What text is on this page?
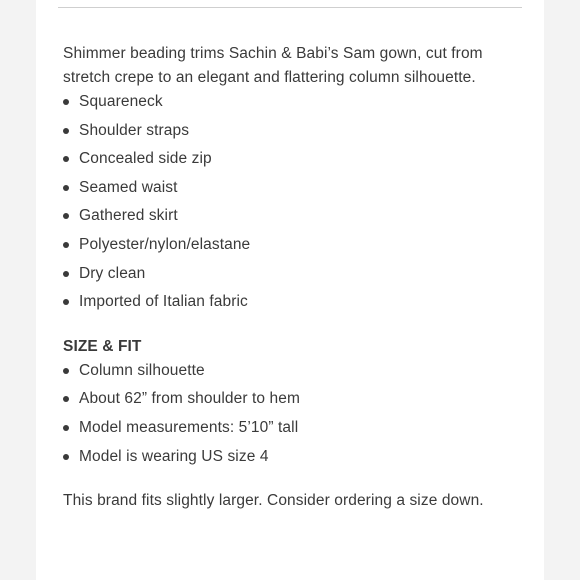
Shimmer beading trims Sachin & Babi’s Sam gown, cut from stretch crepe to an elegant and flattering column silhouette.

Squareneck
Shoulder straps
Concealed side zip
Seamed waist
Gathered skirt
Polyester/nylon/elastane
Dry clean
Imported of Italian fabric
SIZE & FIT
Column silhouette
About 62” from shoulder to hem
Model measurements: 5’10” tall
Model is wearing US size 4

This brand fits slightly larger. Consider ordering a size down.
